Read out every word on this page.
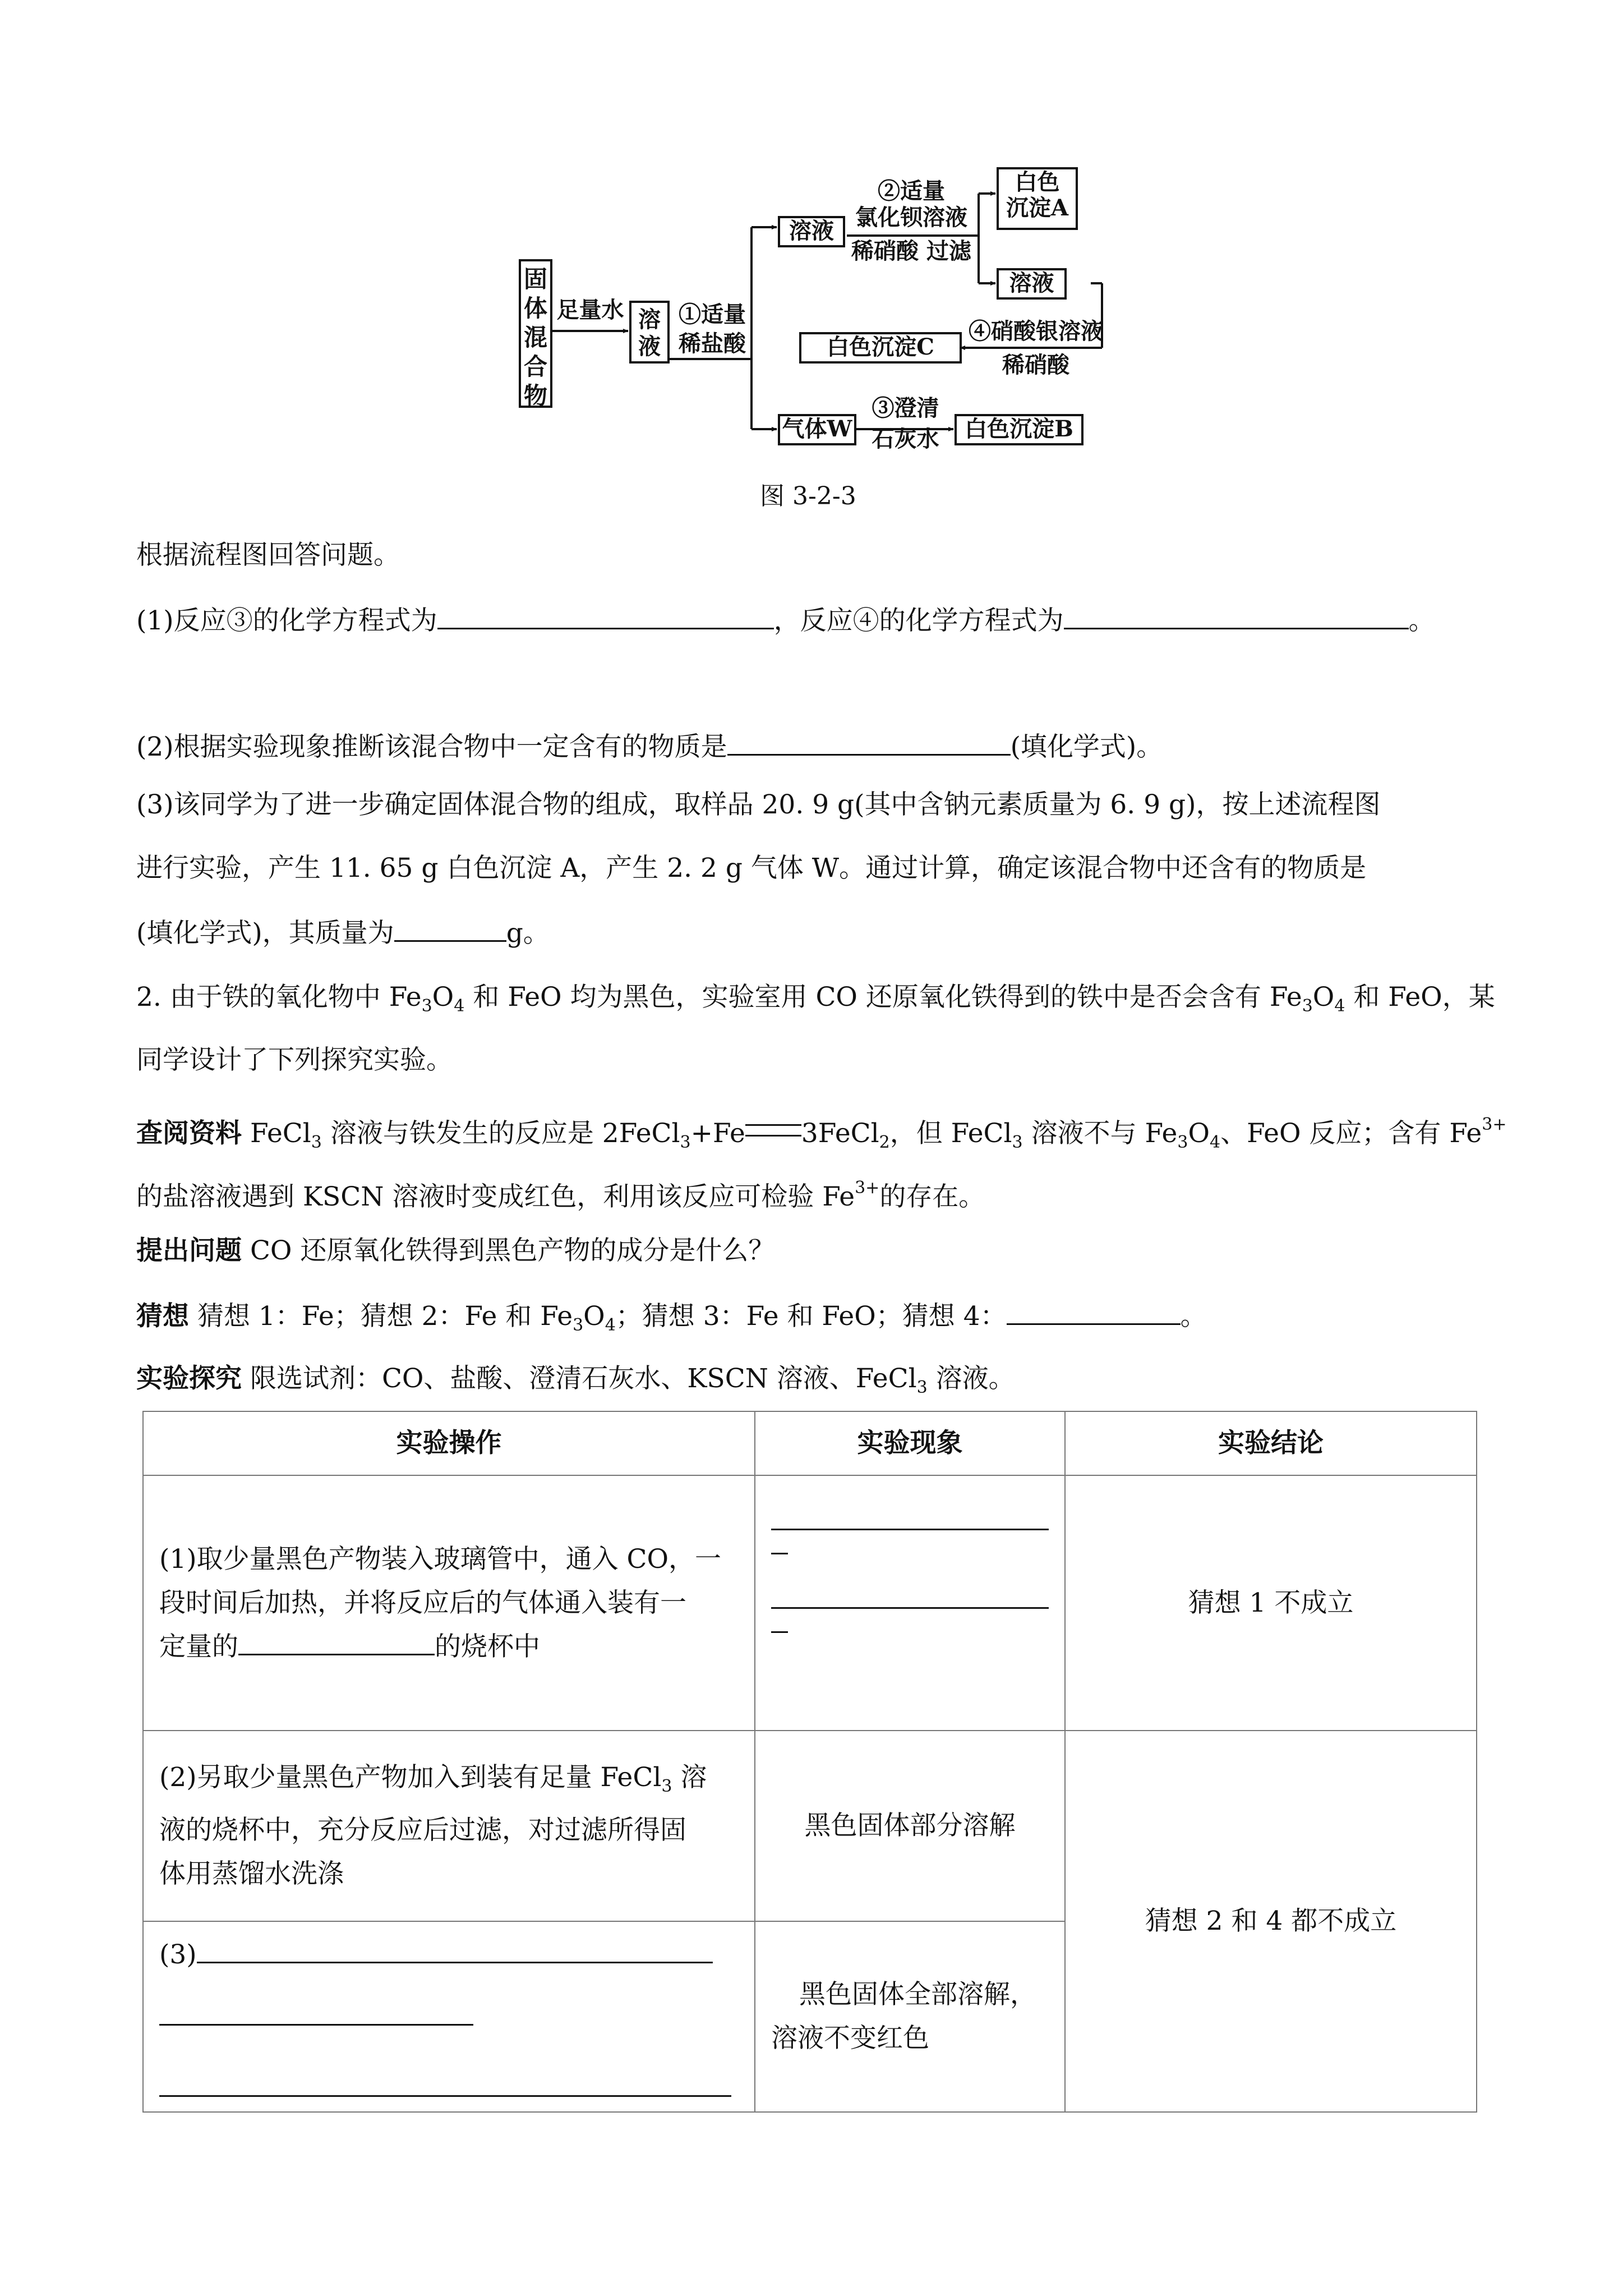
固体混合物
足量水 溶液
①适量
稀盐酸
溶液
②适量
氯化钡溶液
稀硝酸 过滤
白色
沉淀A
溶液
④硝酸银溶液
稀硝酸
白色沉淀C
气体W
③澄清
石灰水	白色沉淀B
图 3-2-3
根据流程图回答问题。
(1)反应③的化学方程式为	，反应④的化学方程式为	。
(2)根据实验现象推断该混合物中一定含有的物质是	(填化学式)。
(3)该同学为了进一步确定固体混合物的组成，取样品 20. 9 g(其中含钠元素质量为 6. 9 g)，按上述流程图
进行实验，产生 11. 65 g 白色沉淀 A，产生 2. 2 g 气体 W。通过计算，确定该混合物中还含有的物质是
(填化学式)，其质量为	g。
2. 由于铁的氧化物中 $Fe_3O_4$ 和 FeO 均为黑色，实验室用 CO 还原氧化铁得到的铁中是否会含有 $Fe_3O_4$ 和 FeO，某
同学设计了下列探究实验。
查阅资料 FeCl$_3$ 溶液与铁发生的反应是 2FeCl$_3$+Fe 3FeCl$_2$，但 FeCl$_3$ 溶液不与 $Fe_3O_4$、FeO 反应；含有 $Fe^{3+}$
的盐溶液遇到 KSCN 溶液时变成红色，利用该反应可检验 $Fe^{3+}$的存在。
提出问题 CO 还原氧化铁得到黑色产物的成分是什么？
猜想 猜想 1：Fe；猜想 2：Fe 和 $Fe_3O_4$；猜想 3：Fe 和 FeO；猜想 4：	。
实验探究 限选试剂：CO、盐酸、澄清石灰水、KSCN 溶液、FeCl$_3$ 溶液。
实验操作	实验现象	实验结论

(1)取少量黑色产物装入玻璃管中，通入 CO，一
段时间后加热，并将反应后的气体通入装有一
定量的 的烧杯中		猜想 1 不成立

(2)另取少量黑色产物加入到装有足量 FeCl$_3$ 溶
液的烧杯中，充分反应后过滤，对过滤所得固
体用蒸馏水洗涤	黑色固体部分溶解	猜想 2 和 4 都不成立

(3)	黑色固体全部溶解，
溶液不变红色	
